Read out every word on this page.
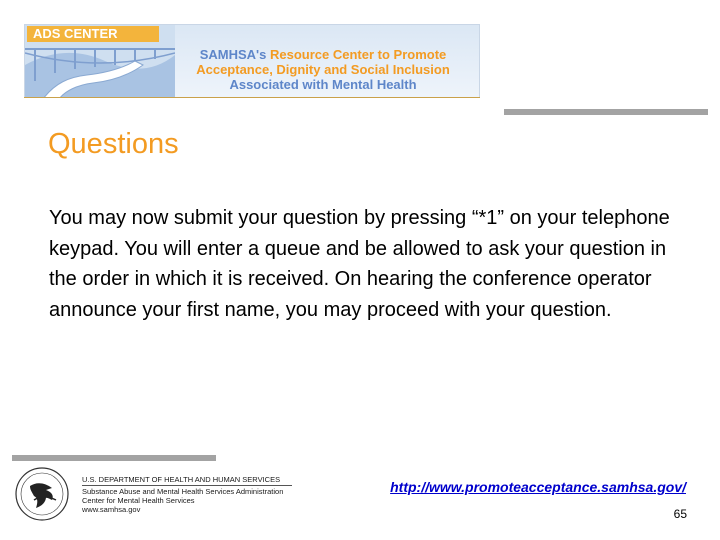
ADS CENTER
SAMHSA's Resource Center to Promote
Acceptance, Dignity and Social Inclusion
Associated with Mental Health
Questions

You may now submit your question by pressing “*1” on your telephone keypad. You will enter a queue and be allowed to ask your question in the order in which it is received. On hearing the conference operator announce your first name, you may proceed with your question.

U.S. DEPARTMENT OF HEALTH AND HUMAN SERVICES
Substance Abuse and Mental Health Services Administration
Center for Mental Health Services
www.samhsa.gov
http://www.promoteacceptance.samhsa.gov/
65
